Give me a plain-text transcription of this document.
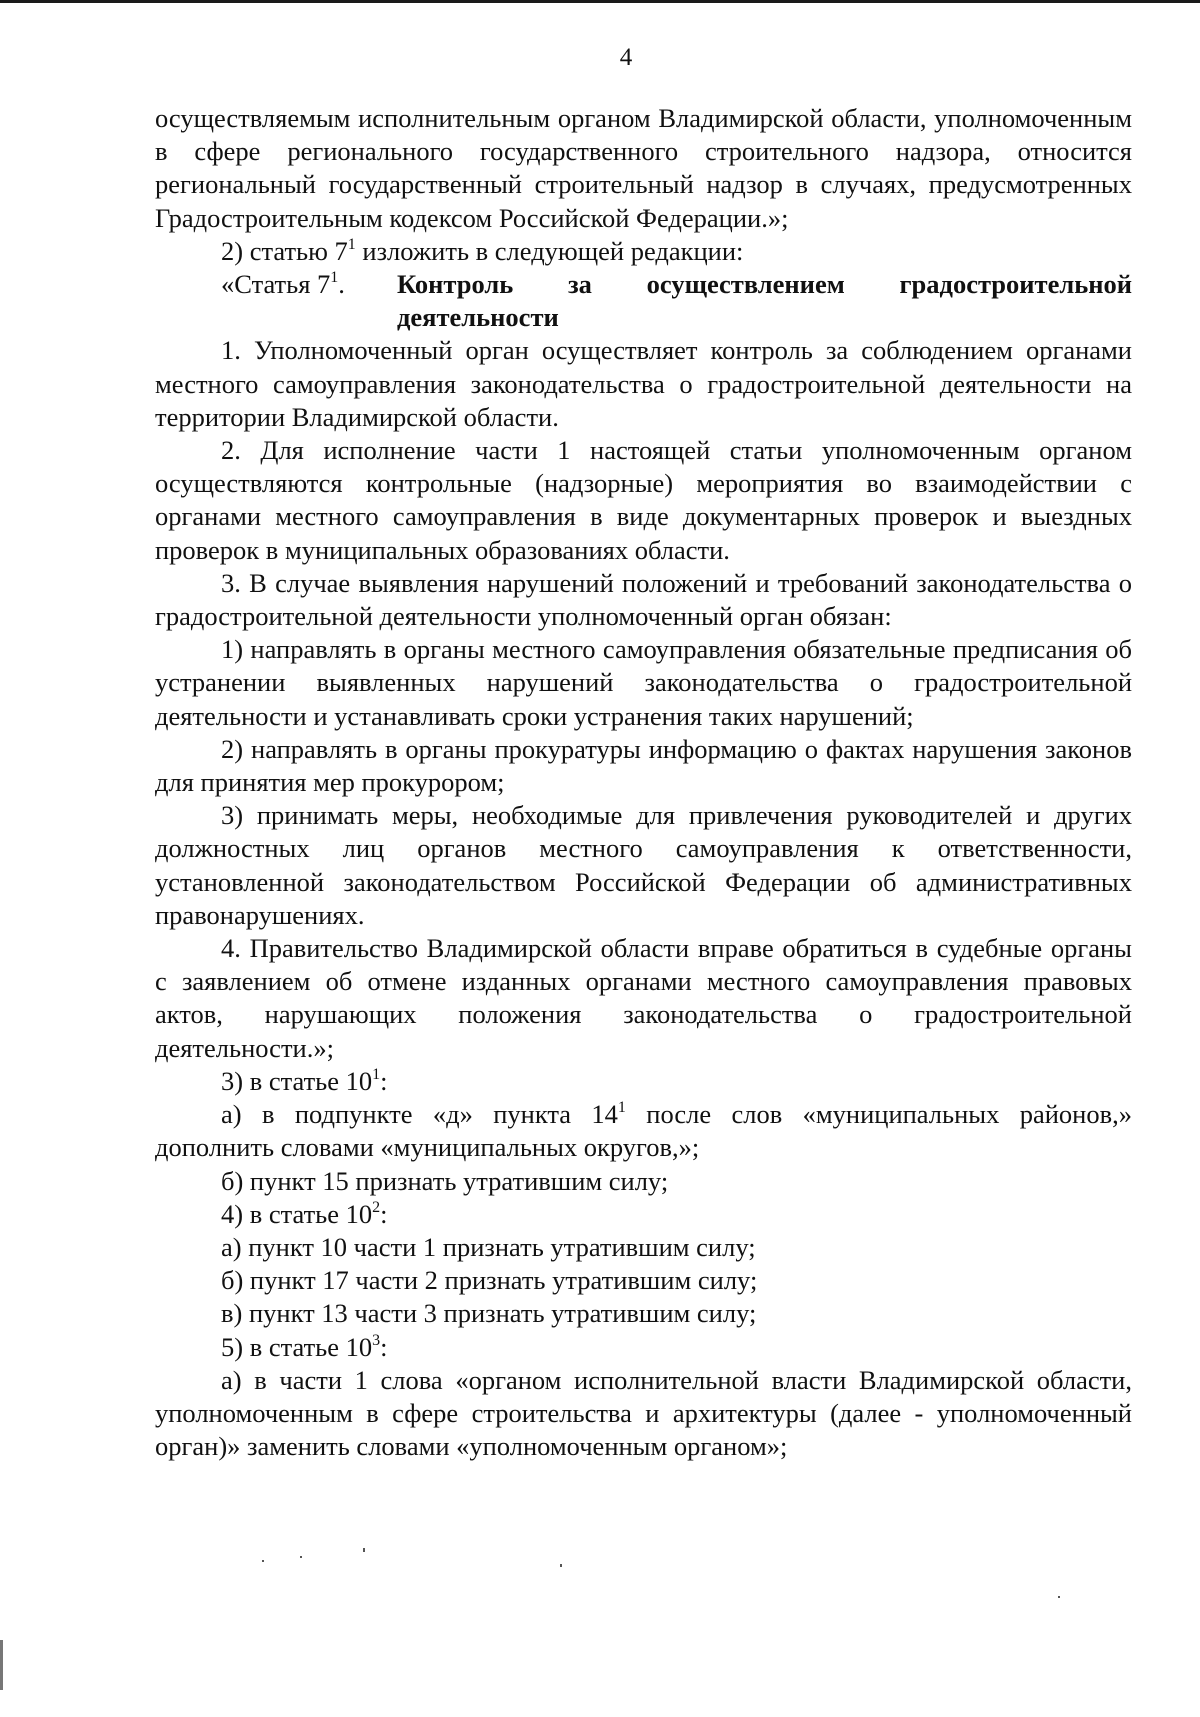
4

осуществляемым исполнительным органом Владимирской области, уполномоченным в сфере регионального государственного строительного надзора, относится региональный государственный строительный надзор в случаях, предусмотренных Градостроительным кодексом Российской Федерации.»;

2) статью $7^1$ изложить в следующей редакции:

«Статья $7^1$.	Контроль за осуществлением градостроительной деятельности

1. Уполномоченный орган осуществляет контроль за соблюдением органами местного самоуправления законодательства о градостроительной деятельности на территории Владимирской области.

2. Для исполнение части 1 настоящей статьи уполномоченным органом осуществляются контрольные (надзорные) мероприятия во взаимодействии с органами местного самоуправления в виде документарных проверок и выездных проверок в муниципальных образованиях области.

3. В случае выявления нарушений положений и требований законодательства о градостроительной деятельности уполномоченный орган обязан:

1) направлять в органы местного самоуправления обязательные предписания об устранении выявленных нарушений законодательства о градостроительной деятельности и устанавливать сроки устранения таких нарушений;

2) направлять в органы прокуратуры информацию о фактах нарушения законов для принятия мер прокурором;

3) принимать меры, необходимые для привлечения руководителей и других должностных лиц органов местного самоуправления к ответственности, установленной законодательством Российской Федерации об административных правонарушениях.

4. Правительство Владимирской области вправе обратиться в судебные органы с заявлением об отмене изданных органами местного самоуправления правовых актов, нарушающих положения законодательства о градостроительной деятельности.»;

3) в статье $10^1$:

а) в подпункте «д» пункта $14^1$ после слов «муниципальных районов,» дополнить словами «муниципальных округов,»;

б) пункт 15 признать утратившим силу;

4) в статье $10^2$:

а) пункт 10 части 1 признать утратившим силу;

б) пункт 17 части 2 признать утратившим силу;

в) пункт 13 части 3 признать утратившим силу;

5) в статье $10^3$:

а) в части 1 слова «органом исполнительной власти Владимирской области, уполномоченным в сфере строительства и архитектуры (далее - уполномоченный орган)» заменить словами «уполномоченным органом»;
